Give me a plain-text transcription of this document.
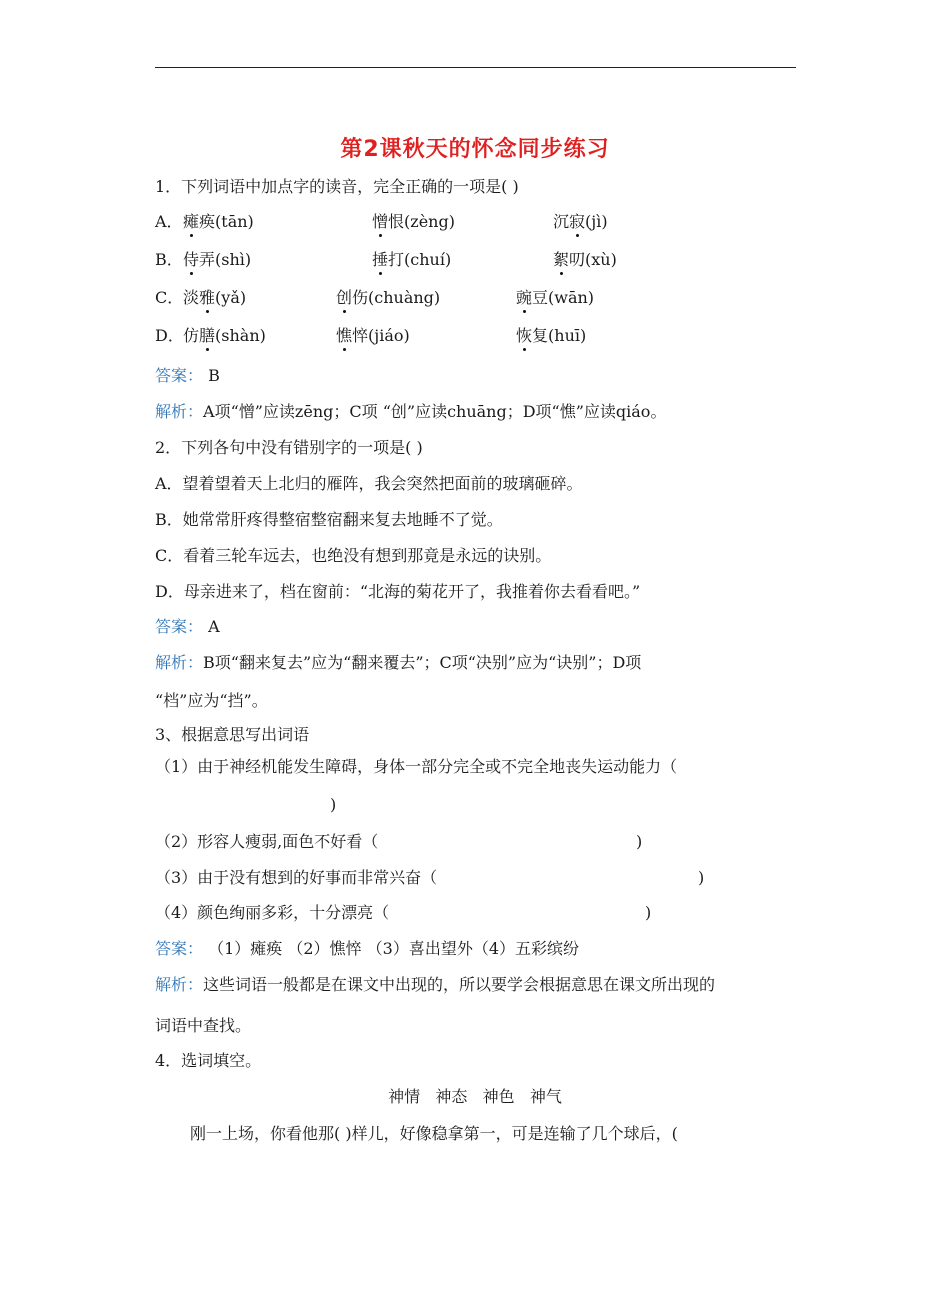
第2课秋天的怀念同步练习
1．下列词语中加点字的读音，完全正确的一项是( )
A． 瘫痪(tān)	憎恨(zèng)	沉寂(jì)
B． 侍弄(shì)	捶打(chuí)	絮叨(xù)
C． 淡雅(yǎ)	创伤(chuàng)	豌豆(wān)
D． 仿膳(shàn)	憔悴(jiáo)	恢复(huī)
答案： B
解析：A项“憎”应读zēng；C项 “创”应读chuāng；D项“憔”应读qiáo。
2．下列各句中没有错别字的一项是( )
A．望着望着天上北归的雁阵，我会突然把面前的玻璃砸碎。
B．她常常肝疼得整宿整宿翻来复去地睡不了觉。
C．看着三轮车远去，也绝没有想到那竟是永远的诀别。
D．母亲进来了，档在窗前：“北海的菊花开了，我推着你去看看吧。”
答案： A
解析：B项“翻来复去”应为“翻来覆去”；C项“决别”应为“诀别”；D项
“档”应为“挡”。
3、根据意思写出词语
（1）由于神经机能发生障碍，身体一部分完全或不完全地丧失运动能力（
)
（2）形容人瘦弱,面色不好看（	)
（3）由于没有想到的好事而非常兴奋（	)
（4）颜色绚丽多彩，十分漂亮（	)
答案： （1）瘫痪 （2）憔悴 （3）喜出望外（4）五彩缤纷
解析：这些词语一般都是在课文中出现的，所以要学会根据意思在课文所出现的
词语中查找。
4．选词填空。
神情   神态   神色   神气
刚一上场，你看他那( )样儿，好像稳拿第一，可是连输了几个球后，(
